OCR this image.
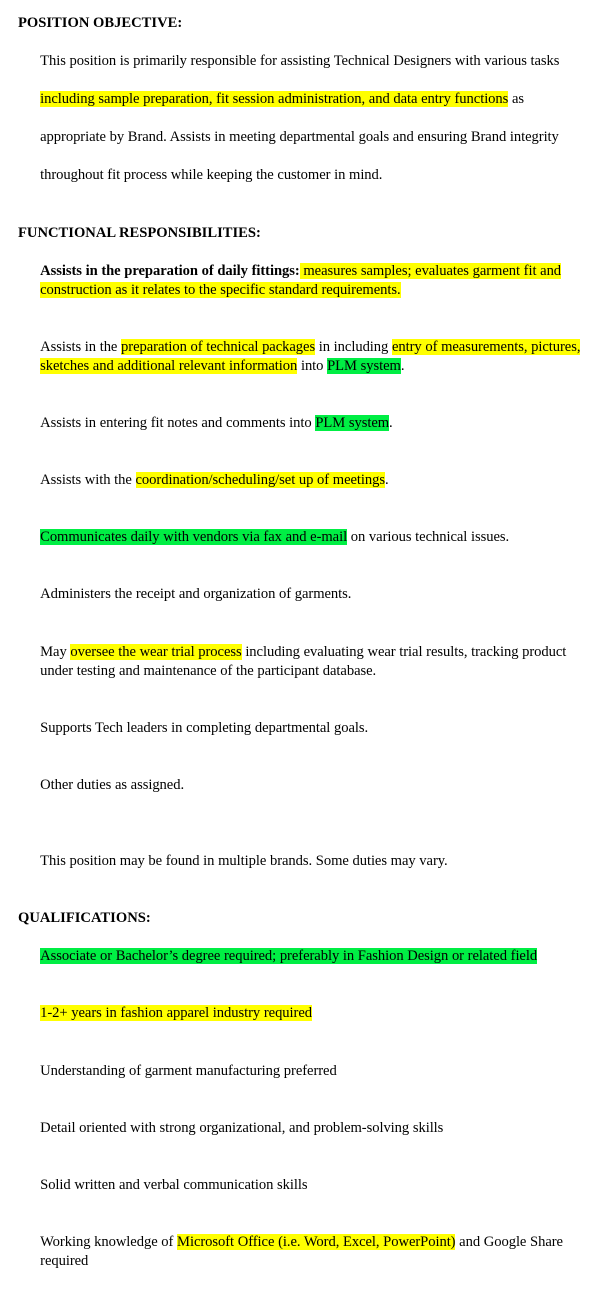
POSITION OBJECTIVE:

This position is primarily responsible for assisting Technical Designers with various tasks

including sample preparation, fit session administration, and data entry functions as

appropriate by Brand. Assists in meeting departmental goals and ensuring Brand integrity

throughout fit process while keeping the customer in mind.

FUNCTIONAL RESPONSIBILITIES:

Assists in the preparation of daily fittings: measures samples; evaluates garment fit and
construction as it relates to the specific standard requirements.

Assists in the preparation of technical packages in including entry of measurements, pictures,
sketches and additional relevant information into PLM system.

Assists in entering fit notes and comments into PLM system.

Assists with the coordination/scheduling/set up of meetings.

Communicates daily with vendors via fax and e-mail on various technical issues.

Administers the receipt and organization of garments.

May oversee the wear trial process including evaluating wear trial results, tracking product
under testing and maintenance of the participant database.

Supports Tech leaders in completing departmental goals.

Other duties as assigned.

This position may be found in multiple brands. Some duties may vary.

QUALIFICATIONS:

Associate or Bachelor’s degree required; preferably in Fashion Design or related field

1-2+ years in fashion apparel industry required

Understanding of garment manufacturing preferred

Detail oriented with strong organizational, and problem-solving skills

Solid written and verbal communication skills

Working knowledge of Microsoft Office (i.e. Word, Excel, PowerPoint) and Google Share
required
